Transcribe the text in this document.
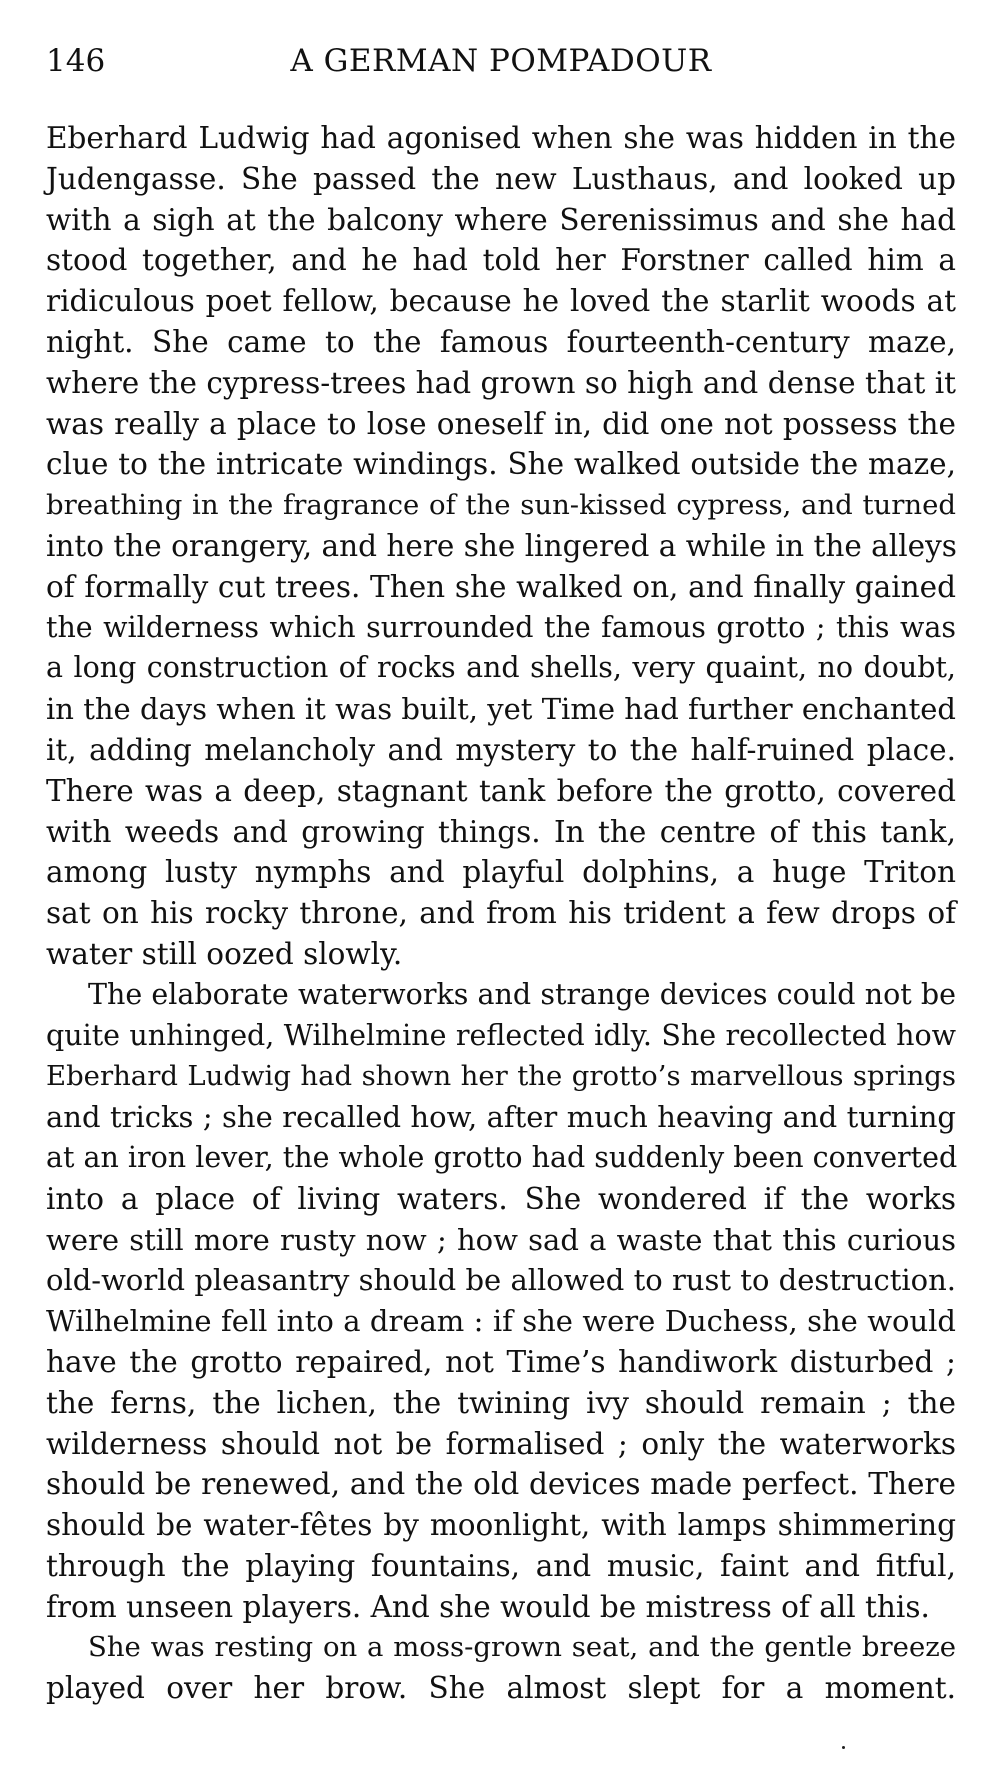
146	A GERMAN POMPADOUR
Eberhard Ludwig had agonised when she was hidden in the
Judengasse. She passed the new Lusthaus, and looked up
with a sigh at the balcony where Serenissimus and she had
stood together, and he had told her Forstner called him a
ridiculous poet fellow, because he loved the starlit woods at
night. She came to the famous fourteenth-century maze,
where the cypress-trees had grown so high and dense that it
was really a place to lose oneself in, did one not possess the
clue to the intricate windings. She walked outside the maze,
breathing in the fragrance of the sun-kissed cypress, and turned
into the orangery, and here she lingered a while in the alleys
of formally cut trees. Then she walked on, and finally gained
the wilderness which surrounded the famous grotto ; this was
a long construction of rocks and shells, very quaint, no doubt,
in the days when it was built, yet Time had further enchanted
it, adding melancholy and mystery to the half-ruined place.
There was a deep, stagnant tank before the grotto, covered
with weeds and growing things. In the centre of this tank,
among lusty nymphs and playful dolphins, a huge Triton
sat on his rocky throne, and from his trident a few drops of
water still oozed slowly.
The elaborate waterworks and strange devices could not be
quite unhinged, Wilhelmine reflected idly. She recollected how
Eberhard Ludwig had shown her the grotto’s marvellous springs
and tricks ; she recalled how, after much heaving and turning
at an iron lever, the whole grotto had suddenly been converted
into a place of living waters. She wondered if the works
were still more rusty now ; how sad a waste that this curious
old-world pleasantry should be allowed to rust to destruction.
Wilhelmine fell into a dream : if she were Duchess, she would
have the grotto repaired, not Time’s handiwork disturbed ;
the ferns, the lichen, the twining ivy should remain ; the
wilderness should not be formalised ; only the waterworks
should be renewed, and the old devices made perfect. There
should be water-fêtes by moonlight, with lamps shimmering
through the playing fountains, and music, faint and fitful,
from unseen players. And she would be mistress of all this.
She was resting on a moss-grown seat, and the gentle breeze
played over her brow. She almost slept for a moment.
